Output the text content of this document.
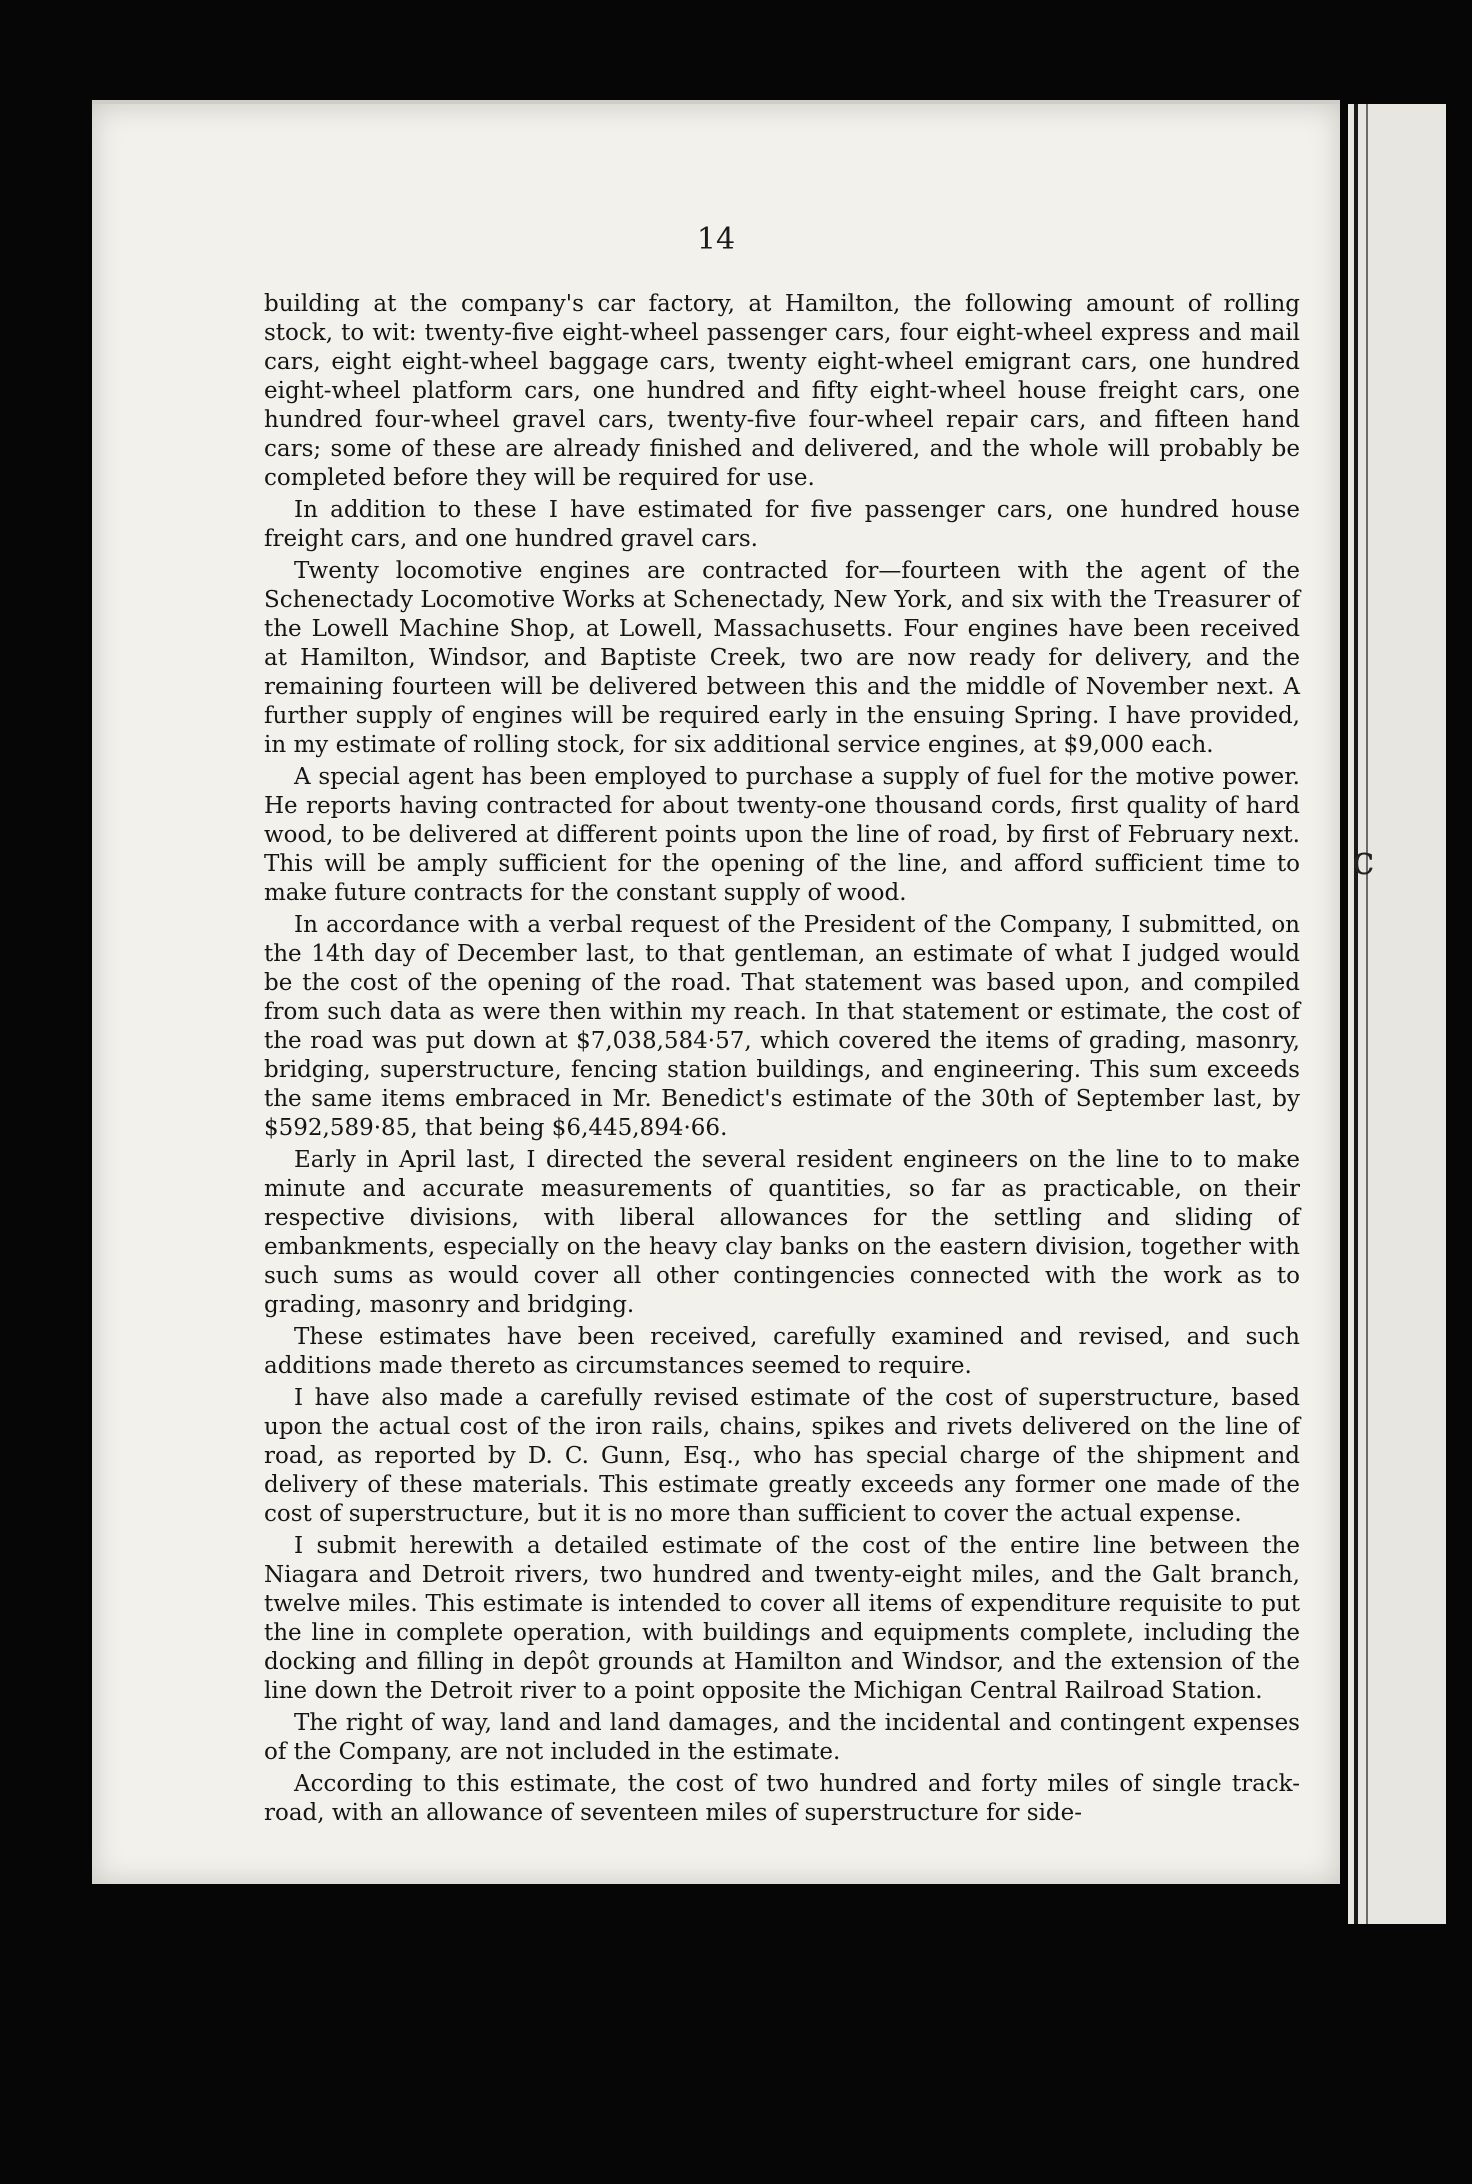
14

building at the company's car factory, at Hamilton, the following amount of rolling stock, to wit: twenty-five eight-wheel passenger cars, four eight-wheel express and mail cars, eight eight-wheel baggage cars, twenty eight-wheel emigrant cars, one hundred eight-wheel platform cars, one hundred and fifty eight-wheel house freight cars, one hundred four-wheel gravel cars, twenty-five four-wheel repair cars, and fifteen hand cars; some of these are already finished and delivered, and the whole will probably be completed before they will be required for use.

In addition to these I have estimated for five passenger cars, one hundred house freight cars, and one hundred gravel cars.

Twenty locomotive engines are contracted for—fourteen with the agent of the Schenectady Locomotive Works at Schenectady, New York, and six with the Treasurer of the Lowell Machine Shop, at Lowell, Massachusetts. Four engines have been received at Hamilton, Windsor, and Baptiste Creek, two are now ready for delivery, and the remaining fourteen will be delivered between this and the middle of November next. A further supply of engines will be required early in the ensuing Spring. I have provided, in my estimate of rolling stock, for six additional service engines, at $9,000 each.

A special agent has been employed to purchase a supply of fuel for the motive power. He reports having contracted for about twenty-one thousand cords, first quality of hard wood, to be delivered at different points upon the line of road, by first of February next. This will be amply sufficient for the opening of the line, and afford sufficient time to make future contracts for the constant supply of wood.

In accordance with a verbal request of the President of the Company, I submitted, on the 14th day of December last, to that gentleman, an estimate of what I judged would be the cost of the opening of the road. That statement was based upon, and compiled from such data as were then within my reach. In that statement or estimate, the cost of the road was put down at $7,038,584·57, which covered the items of grading, masonry, bridging, superstructure, fencing station buildings, and engineering. This sum exceeds the same items embraced in Mr. Benedict's estimate of the 30th of September last, by $592,589·85, that being $6,445,894·66.

Early in April last, I directed the several resident engineers on the line to to make minute and accurate measurements of quantities, so far as practicable, on their respective divisions, with liberal allowances for the settling and sliding of embankments, especially on the heavy clay banks on the eastern division, together with such sums as would cover all other contingencies connected with the work as to grading, masonry and bridging.

These estimates have been received, carefully examined and revised, and such additions made thereto as circumstances seemed to require.

I have also made a carefully revised estimate of the cost of superstructure, based upon the actual cost of the iron rails, chains, spikes and rivets delivered on the line of road, as reported by D. C. Gunn, Esq., who has special charge of the shipment and delivery of these materials. This estimate greatly exceeds any former one made of the cost of superstructure, but it is no more than sufficient to cover the actual expense.

I submit herewith a detailed estimate of the cost of the entire line between the Niagara and Detroit rivers, two hundred and twenty-eight miles, and the Galt branch, twelve miles. This estimate is intended to cover all items of expenditure requisite to put the line in complete operation, with buildings and equipments complete, including the docking and filling in depôt grounds at Hamilton and Windsor, and the extension of the line down the Detroit river to a point opposite the Michigan Central Railroad Station.

The right of way, land and land damages, and the incidental and contingent expenses of the Company, are not included in the estimate.

According to this estimate, the cost of two hundred and forty miles of single track-road, with an allowance of seventeen miles of superstructure for side-

c
